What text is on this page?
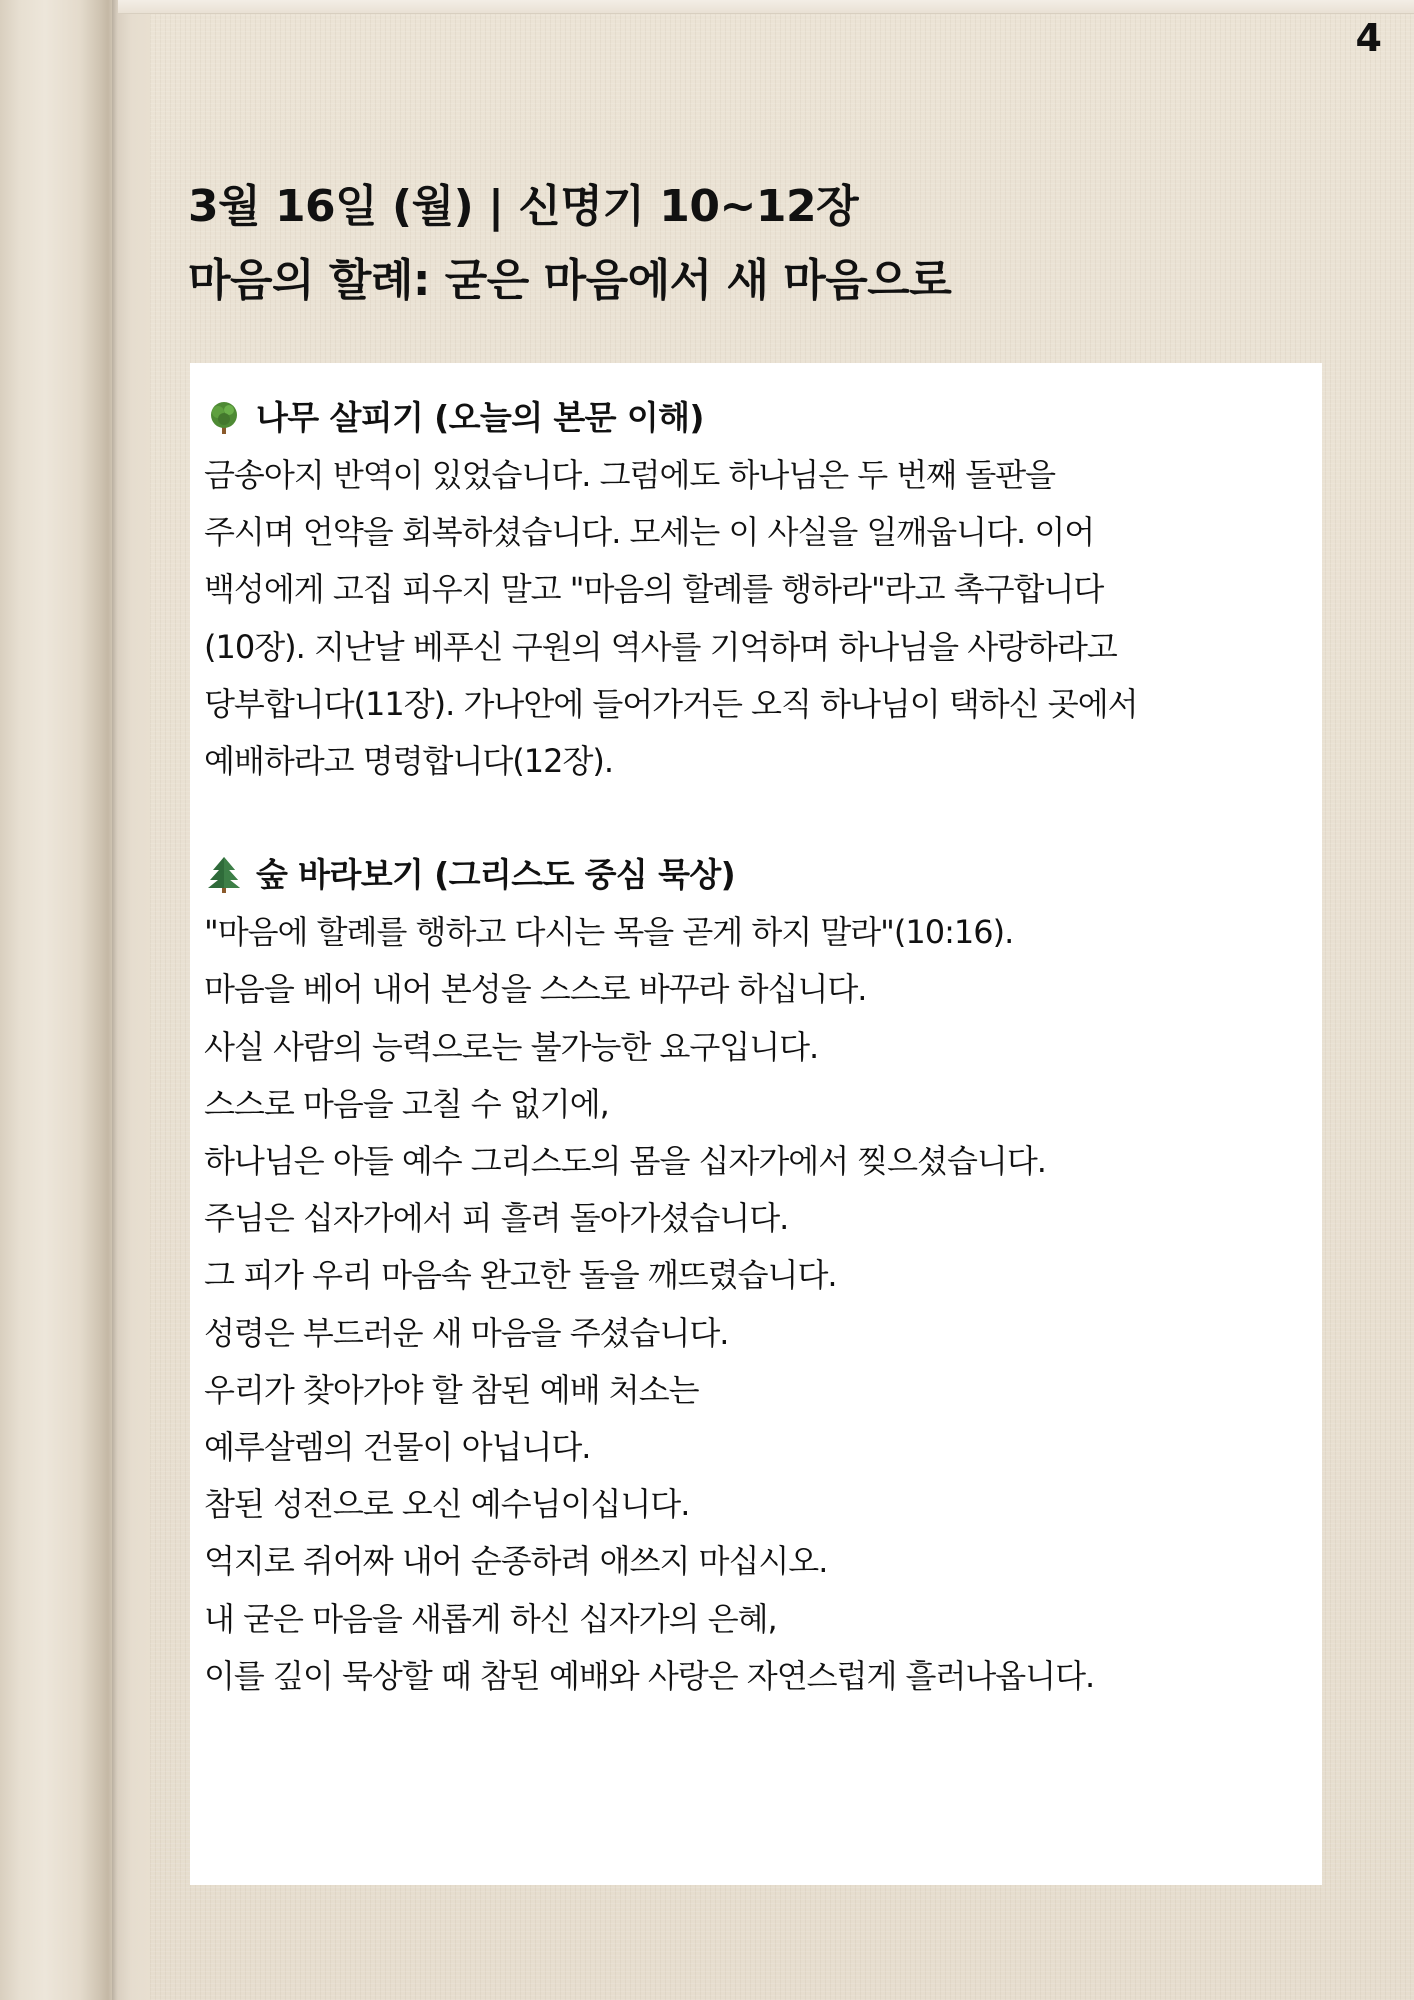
4
3월 16일 (월) | 신명기 10~12장
마음의 할례: 굳은 마음에서 새 마음으로
나무 살피기 (오늘의 본문 이해)
금송아지 반역이 있었습니다. 그럼에도 하나님은 두 번째 돌판을
주시며 언약을 회복하셨습니다. 모세는 이 사실을 일깨웁니다. 이어
백성에게 고집 피우지 말고 "마음의 할례를 행하라"라고 촉구합니다
(10장). 지난날 베푸신 구원의 역사를 기억하며 하나님을 사랑하라고
당부합니다(11장). 가나안에 들어가거든 오직 하나님이 택하신 곳에서
예배하라고 명령합니다(12장).
숲 바라보기 (그리스도 중심 묵상)
"마음에 할례를 행하고 다시는 목을 곧게 하지 말라"(10:16).
마음을 베어 내어 본성을 스스로 바꾸라 하십니다.
사실 사람의 능력으로는 불가능한 요구입니다.
스스로 마음을 고칠 수 없기에,
하나님은 아들 예수 그리스도의 몸을 십자가에서 찢으셨습니다.
주님은 십자가에서 피 흘려 돌아가셨습니다.
그 피가 우리 마음속 완고한 돌을 깨뜨렸습니다.
성령은 부드러운 새 마음을 주셨습니다.
우리가 찾아가야 할 참된 예배 처소는
예루살렘의 건물이 아닙니다.
참된 성전으로 오신 예수님이십니다.
억지로 쥐어짜 내어 순종하려 애쓰지 마십시오.
내 굳은 마음을 새롭게 하신 십자가의 은혜,
이를 깊이 묵상할 때 참된 예배와 사랑은 자연스럽게 흘러나옵니다.
